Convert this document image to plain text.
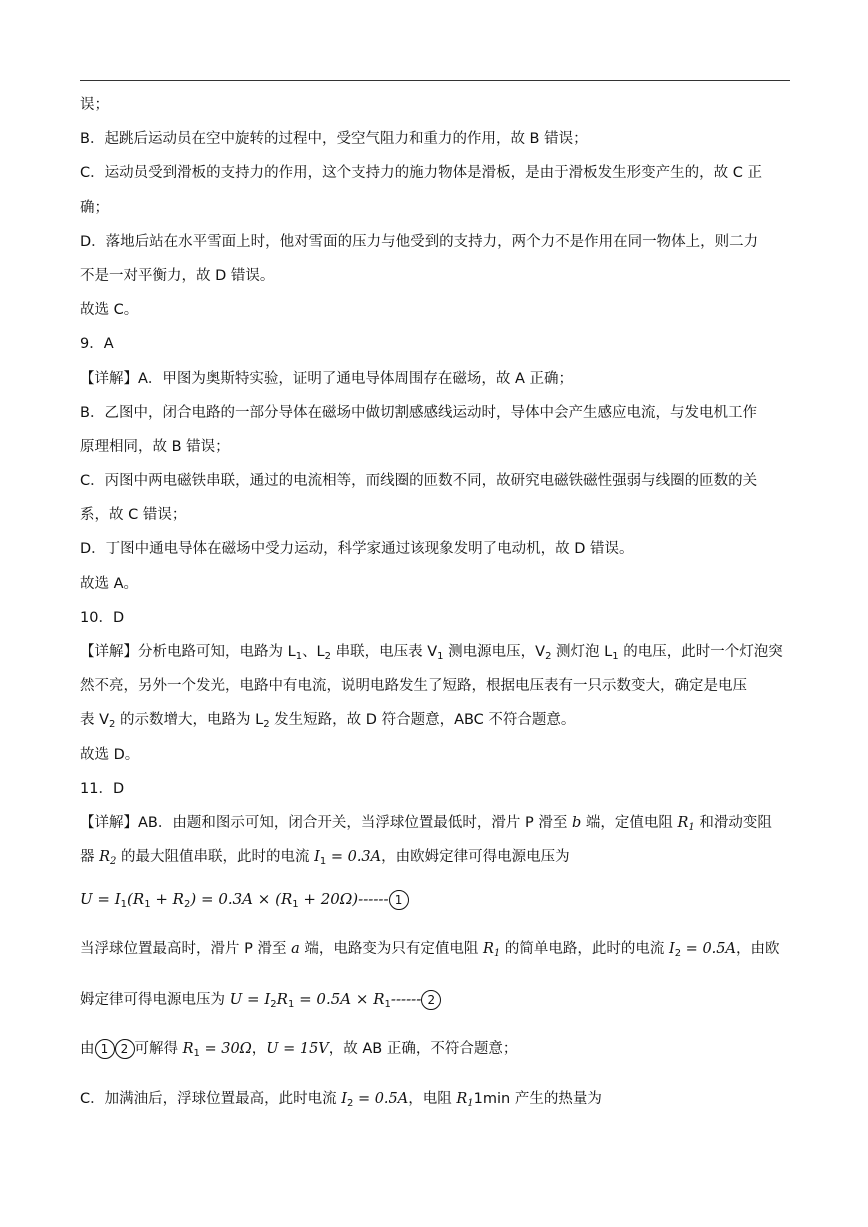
误；
B．起跳后运动员在空中旋转的过程中，受空气阻力和重力的作用，故 B 错误；
C．运动员受到滑板的支持力的作用，这个支持力的施力物体是滑板，是由于滑板发生形变产生的，故 C 正
确；
D．落地后站在水平雪面上时，他对雪面的压力与他受到的支持力，两个力不是作用在同一物体上，则二力
不是一对平衡力，故 D 错误。
故选 C。
9．A
【详解】A．甲图为奥斯特实验，证明了通电导体周围存在磁场，故 A 正确；
B．乙图中，闭合电路的一部分导体在磁场中做切割感感线运动时，导体中会产生感应电流，与发电机工作
原理相同，故 B 错误；
C．丙图中两电磁铁串联，通过的电流相等，而线圈的匝数不同，故研究电磁铁磁性强弱与线圈的匝数的关
系，故 C 错误；
D．丁图中通电导体在磁场中受力运动，科学家通过该现象发明了电动机，故 D 错误。
故选 A。
10．D
【详解】分析电路可知，电路为 $L_1$、$L_2$ 串联，电压表 $V_1$ 测电源电压，$V_2$ 测灯泡 $L_1$ 的电压，此时一个灯泡突
然不亮，另外一个发光，电路中有电流，说明电路发生了短路，根据电压表有一只示数变大，确定是电压
表 $V_2$ 的示数增大，电路为 $L_2$ 发生短路，故 D 符合题意，ABC 不符合题意。
故选 D。
11．D
【详解】AB．由题和图示可知，闭合开关，当浮球位置最低时，滑片 P 滑至 b 端，定值电阻 $R_1$ 和滑动变阻
器 $R_2$ 的最大阻值串联，此时的电流 $I_1 = 0.3A$，由欧姆定律可得电源电压为
$U = I_1(R_1 + R_2) = 0.3A \times (R_1 + 20\Omega)------$ 1
当浮球位置最高时，滑片 P 滑至 a 端，电路变为只有定值电阻 $R_1$ 的简单电路，此时的电流 $I_2 = 0.5A$，由欧
姆定律可得电源电压为 $U = I_2R_1 = 0.5A \times R_1------$ 2
由 1 2 可解得 $R_1 = 30\Omega$，U = 15V，故 AB 正确，不符合题意；
C．加满油后，浮球位置最高，此时电流 $I_2 = 0.5A$，电阻 $R_11\min$ 产生的热量为
